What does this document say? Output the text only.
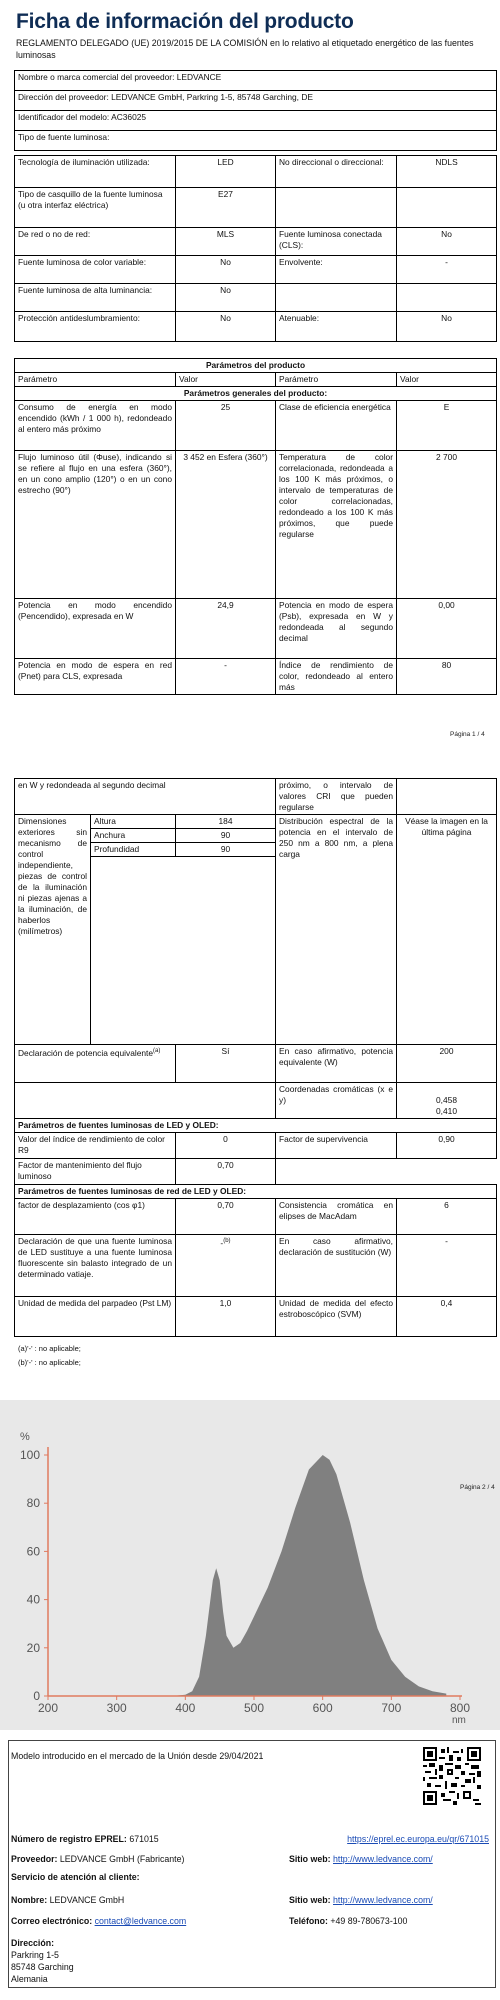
Ficha de información del producto
REGLAMENTO DELEGADO (UE) 2019/2015 DE LA COMISIÓN en lo relativo al etiquetado energético de las fuentes luminosas
Nombre o marca comercial del proveedor: LEDVANCE
Dirección del proveedor: LEDVANCE GmbH, Parkring 1-5, 85748 Garching, DE
Identificador del modelo: AC36025
Tipo de fuente luminosa:
Tecnología de iluminación utilizada:	LED	No direccional o direccional:	NDLS
Tipo de casquillo de la fuente luminosa (u otra interfaz eléctrica)	E27		
De red o no de red:	MLS	Fuente luminosa conectada (CLS):	No
Fuente luminosa de color variable:	No	Envolvente:	-
Fuente luminosa de alta luminancia:	No		
Protección antideslumbramiento:	No	Atenuable:	No
Parámetros del producto			
Parámetro	Valor	Parámetro	Valor
Parámetros generales del producto:			
Consumo de energía en modo encendido (kWh / 1 000 h), redondeado al entero más próximo	25	Clase de eficiencia energética	E
Flujo luminoso útil (Φuse), indicando si se refiere al flujo en una esfera (360°), en un cono amplio (120°) o en un cono estrecho (90°)	3 452 en Esfera (360°)	Temperatura de color correlacionada, redondeada a los 100 K más próximos, o intervalo de temperaturas de color correlacionadas, redondeado a los 100 K más próximos, que puede regularse	2 700
Potencia en modo encendido (Pencendido), expresada en W	24,9	Potencia en modo de espera (Psb), expresada en W y redondeada al segundo decimal	0,00
Potencia en modo de espera en red (Pnet) para CLS, expresada	-	Índice de rendimiento de color, redondeado al entero más	80
Página 1 / 4
en W y redondeada al segundo decimal			próximo, o intervalo de valores CRI que pueden regularse	
Dimensiones exteriores sin mecanismo de control independiente, piezas de control de la iluminación ni piezas ajenas a la iluminación, de haberlos (milímetros)	Altura	184	Distribución espectral de la potencia en el intervalo de 250 nm a 800 nm, a plena carga	Véase la imagen en la última página
	Anchura	90		
	Profundidad	90		

Declaración de potencia equivalente$^{(a)}$		Sí	En caso afirmativo, potencia equivalente (W)	200
			Coordenadas cromáticas (x e y)	0,458
0,410

Parámetros de fuentes luminosas de LED y OLED:				
Valor del índice de rendimiento de color R9		0	Factor de supervivencia	0,90
Factor de mantenimiento del flujo luminoso		0,70		
Parámetros de fuentes luminosas de red de LED y OLED:				
factor de desplazamiento (cos φ1)		0,70	Consistencia cromática en elipses de MacAdam	6
Declaración de que una fuente luminosa de LED sustituye a una fuente luminosa fluorescente sin balasto integrado de un determinado vatiaje.		-$^{(b)}$	En caso afirmativo, declaración de sustitución (W)	-
Unidad de medida del parpadeo (Pst LM)		1,0	Unidad de medida del efecto estroboscópico (SVM)	0,4
(a)'-' : no aplicable;
(b)'-' : no aplicable;
0
20
40
60
80
100
200	300	400	500	600	700	800
%
nm
Página 2 / 4
Modelo introducido en el mercado de la Unión desde 29/04/2021
Número de registro EPREL: 671015	https://eprel.ec.europa.eu/qr/671015
Proveedor: LEDVANCE GmbH (Fabricante)	Sitio web: http://www.ledvance.com/
Servicio de atención al cliente:
Nombre: LEDVANCE GmbH	Sitio web: http://www.ledvance.com/
Correo electrónico: contact@ledvance.com	Teléfono: +49 89-780673-100
Dirección:
Parkring 1-5
85748 Garching
Alemania
